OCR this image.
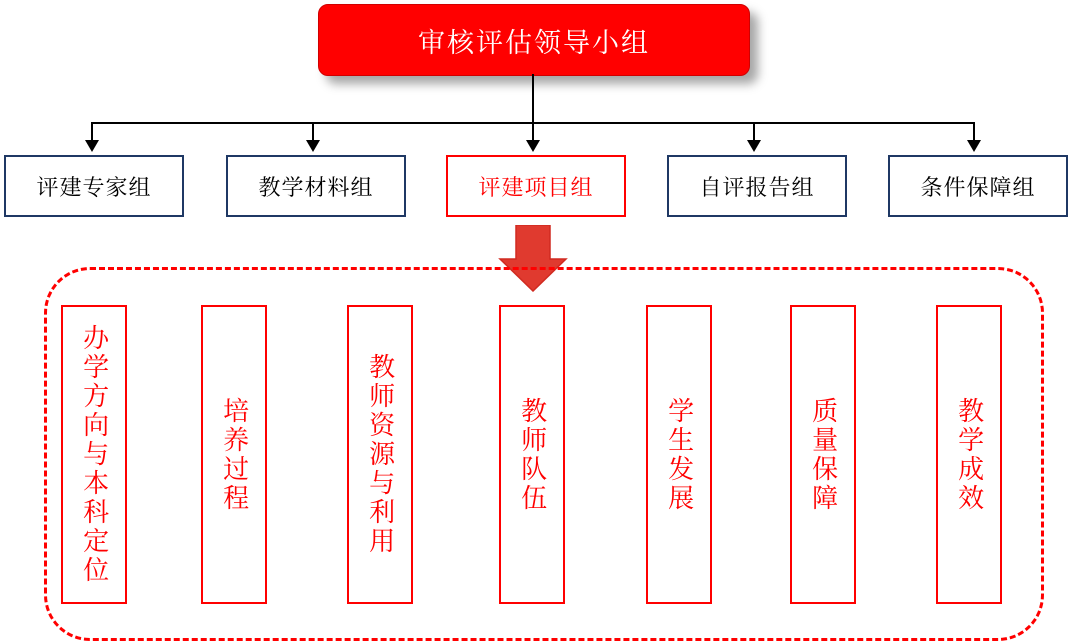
审核评估领导小组
评建专家组	教学材料组	评建项目组	自评报告组	条件保障组
办学方向与本科定位	培养过程	教师资源与利用	教师队伍	学生发展	质量保障	教学成效
